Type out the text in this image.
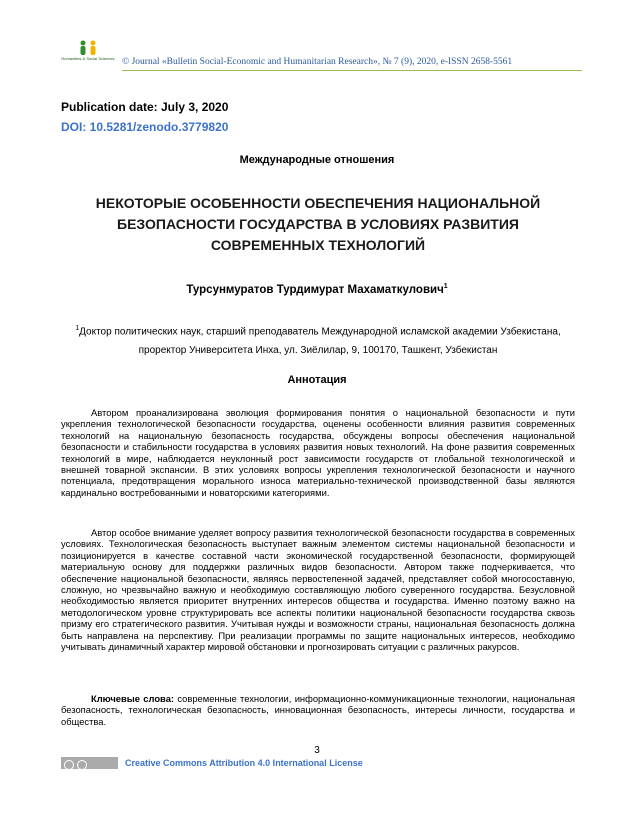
Humanities & Social Sciences © Journal «Bulletin Social-Economic and Humanitarian Research», № 7 (9), 2020, e-ISSN 2658-5561
Publication date: July 3, 2020
DOI: 10.5281/zenodo.3779820
Международные отношения
НЕКОТОРЫЕ ОСОБЕННОСТИ ОБЕСПЕЧЕНИЯ НАЦИОНАЛЬНОЙ БЕЗОПАСНОСТИ ГОСУДАРСТВА В УСЛОВИЯХ РАЗВИТИЯ СОВРЕМЕННЫХ ТЕХНОЛОГИЙ
Турсунмуратов Турдимурат Махаматкулович$^1$
$^1$Доктор политических наук, старший преподаватель Международной исламской академии Узбекистана, проректор Университета Инха, ул. Зиёлилар, 9, 100170, Ташкент, Узбекистан
Аннотация
Автором проанализирована эволюция формирования понятия о национальной безопасности и пути укрепления технологической безопасности государства, оценены особенности влияния развития современных технологий на национальную безопасность государства, обсуждены вопросы обеспечения национальной безопасности и стабильности государства в условиях развития новых технологий. На фоне развития современных технологий в мире, наблюдается неуклонный рост зависимости государств от глобальной технологической и внешней товарной экспансии. В этих условиях вопросы укрепления технологической безопасности и научного потенциала, предотвращения морального износа материально-технической производственной базы являются кардинально востребованными и новаторскими категориями.
Автор особое внимание уделяет вопросу развития технологической безопасности государства в современных условиях. Технологическая безопасность выступает важным элементом системы национальной безопасности и позиционируется в качестве составной части экономической государственной безопасности, формирующей материальную основу для поддержки различных видов безопасности. Автором также подчеркивается, что обеспечение национальной безопасности, являясь первостепенной задачей, представляет собой многосоставную, сложную, но чрезвычайно важную и необходимую составляющую любого суверенного государства. Безусловной необходимостью является приоритет внутренних интересов общества и государства. Именно поэтому важно на методологическом уровне структурировать все аспекты политики национальной безопасности государства сквозь призму его стратегического развития. Учитывая нужды и возможности страны, национальная безопасность должна быть направлена на перспективу. При реализации программы по защите национальных интересов, необходимо учитывать динамичный характер мировой обстановки и прогнозировать ситуации с различных ракурсов.
Ключевые слова: современные технологии, информационно-коммуникационные технологии, национальная безопасность, технологическая безопасность, инновационная безопасность, интересы личности, государства и общества.
3
Creative Commons Attribution 4.0 International License
